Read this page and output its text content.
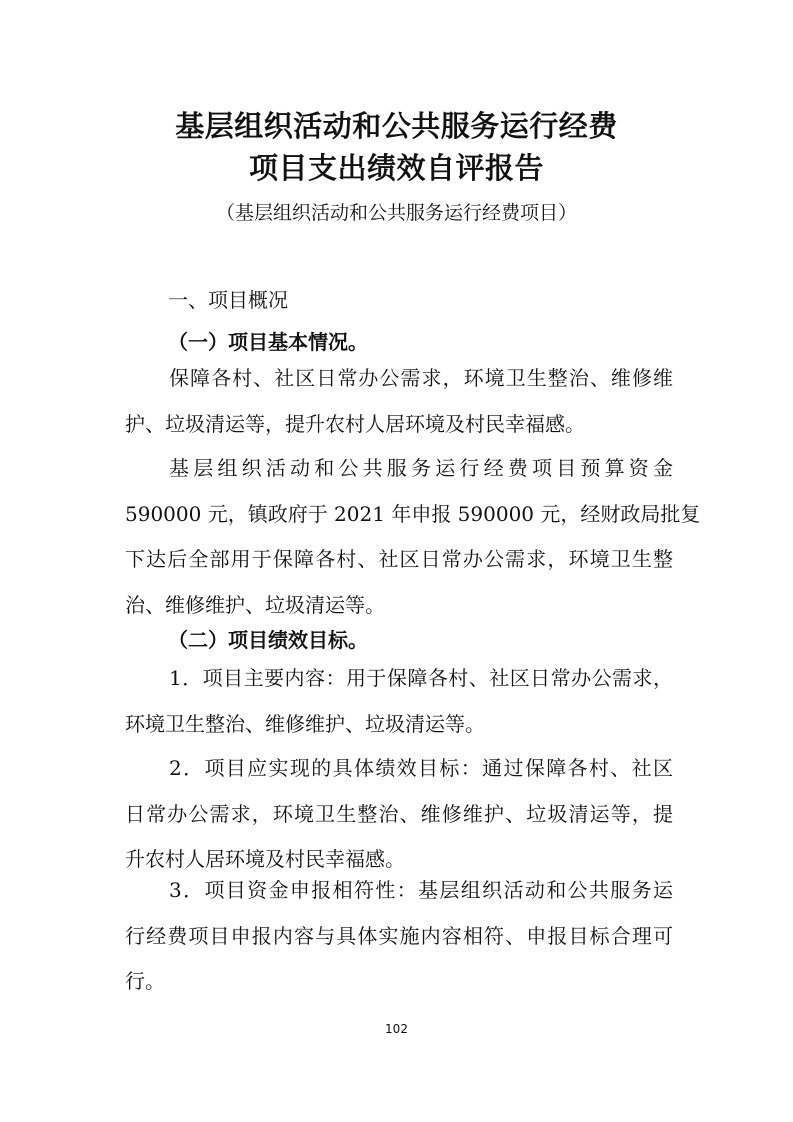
基层组织活动和公共服务运行经费
项目支出绩效自评报告
（基层组织活动和公共服务运行经费项目）
一、项目概况
（一）项目基本情况。
保障各村、社区日常办公需求，环境卫生整治、维修维
护、垃圾清运等，提升农村人居环境及村民幸福感。
基层组织活动和公共服务运行经费项目预算资金
590000 元，镇政府于 2021 年申报 590000 元，经财政局批复
下达后全部用于保障各村、社区日常办公需求，环境卫生整
治、维修维护、垃圾清运等。
（二）项目绩效目标。
1．项目主要内容：用于保障各村、社区日常办公需求，
环境卫生整治、维修维护、垃圾清运等。
2．项目应实现的具体绩效目标：通过保障各村、社区
日常办公需求，环境卫生整治、维修维护、垃圾清运等，提
升农村人居环境及村民幸福感。
3．项目资金申报相符性：基层组织活动和公共服务运
行经费项目申报内容与具体实施内容相符、申报目标合理可
行。
102
